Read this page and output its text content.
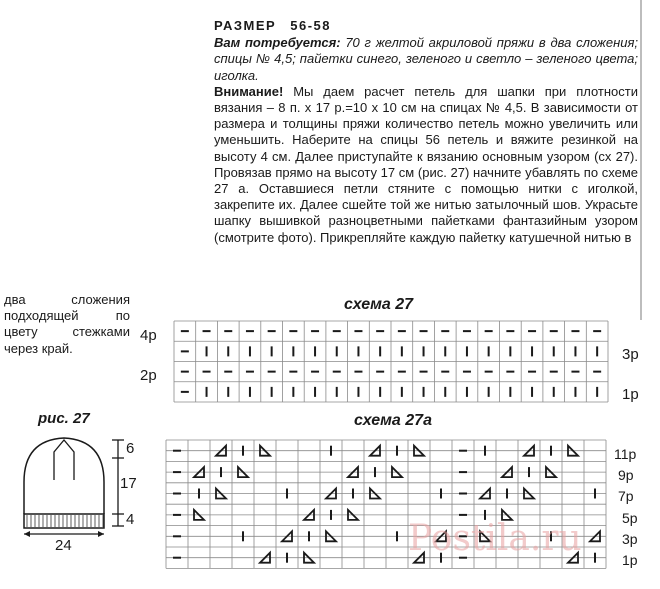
РАЗМЕР 56-58

Вам потребуется: 70 г желтой акриловой пряжи в два сложения; спицы № 4,5; пайетки синего, зеленого и светло – зеленого цвета; иголка.

Внимание! Мы даем расчет петель для шапки при плотности вязания – 8 п. х 17 р.=10 х 10 см на спицах № 4,5. В зависимости от размера и толщины пряжи количество петель можно увеличить или уменьшить. Наберите на спицы 56 петель и вяжите резинкой на высоту 4 см. Далее приступайте к вязанию основным узором (сх 27). Провязав прямо на высоту 17 см (рис. 27) начните убавлять по схеме 27 а. Оставшиеся петли стяните с помощью нитки с иголкой, закрепите их. Далее сшейте той же нитью затылочный шов. Украсьте шапку вышивкой разноцветными пайетками фантазийным узором (смотрите фото). Прикрепляйте каждую пайетку катушечной нитью в

два сложения подходящей по цвету стежками через край.
схема 27
4р
2р
3р
1р
схема 27а
11р
9р
7р
5р
3р
1р
рис. 27
6
17
4
24	Postila.ru
